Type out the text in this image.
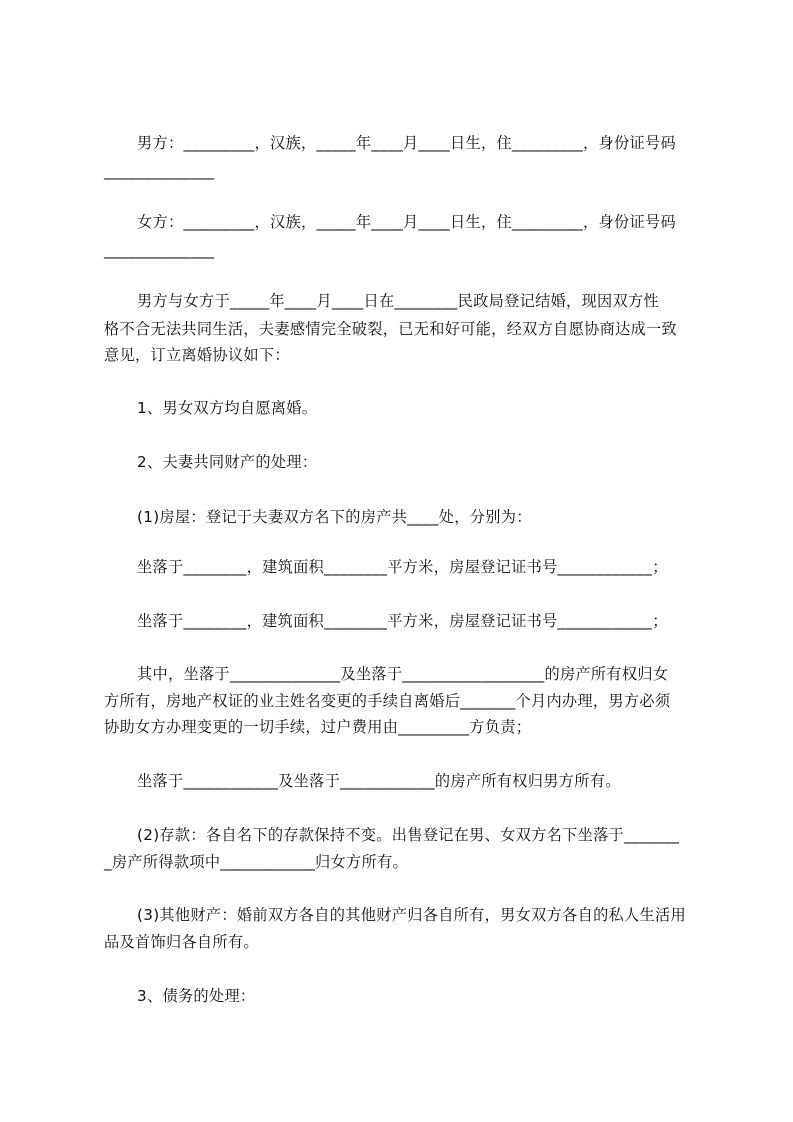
男方：_________，汉族，_____年____月____日生，住_________，身份证号码
______________
女方：_________，汉族，_____年____月____日生，住_________，身份证号码
______________
男方与女方于_____年____月____日在________民政局登记结婚，现因双方性
格不合无法共同生活，夫妻感情完全破裂，已无和好可能，经双方自愿协商达成一致
意见，订立离婚协议如下：
1、男女双方均自愿离婚。
2、夫妻共同财产的处理：
(1)房屋：登记于夫妻双方名下的房产共____处，分别为：
坐落于________，建筑面积________平方米，房屋登记证书号____________；
坐落于________，建筑面积________平方米，房屋登记证书号____________；
其中，坐落于______________及坐落于__________________的房产所有权归女
方所有，房地产权证的业主姓名变更的手续自离婚后_______个月内办理，男方必须
协助女方办理变更的一切手续，过户费用由_________方负责；
坐落于____________及坐落于____________的房产所有权归男方所有。
(2)存款：各自名下的存款保持不变。出售登记在男、女双方名下坐落于_______
_房产所得款项中____________归女方所有。
(3)其他财产：婚前双方各自的其他财产归各自所有，男女双方各自的私人生活用
品及首饰归各自所有。
3、债务的处理：
